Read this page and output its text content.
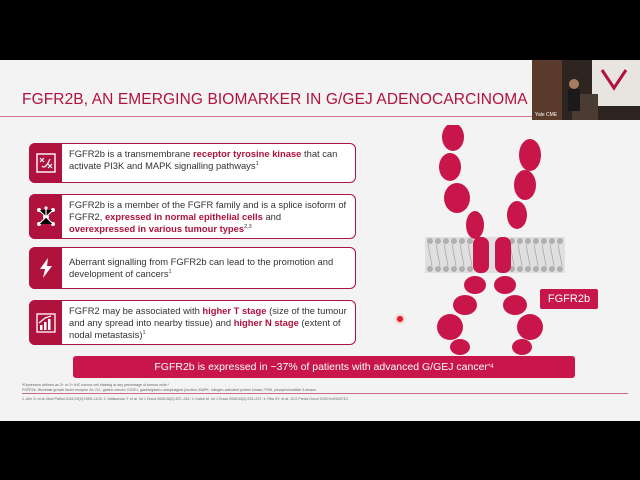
FGFR2B, AN EMERGING BIOMARKER IN G/GEJ ADENOCARCINOMA
FGFR2b is a transmembrane receptor tyrosine kinase that can activate PI3K and MAPK signalling pathways$^1$
FGFR2b is a member of the FGFR family and is a splice isoform of FGFR2, expressed in normal epithelial cells and overexpressed in various tumour types$^{2,3}$
Aberrant signalling from FGFR2b can lead to the promotion and development of cancers$^1$
FGFR2 may be associated with higher T stage (size of the tumour and any spread into nearby tissue) and higher N stage (extent of nodal metastasis)$^1$
FGFR2b
FGFR2b is expressed in ~37% of patients with advanced G/GEJ cancer *4
*Expression defined as 2+ or 3+ IHC tumour cell staining at any percentage of tumour cells.⁴
FGFR2b, fibroblast growth factor receptor 2b; GC, gastric cancer; G/GEJ, gastric/gastro-oesophageal junction; MAPK, mitogen-activated protein kinase; PI3K, phosphoinositide 3-kinase.
1. Ahn S, et al. Mod Pathol 2016;29(9):1095–1103; 2. Matsumoto T, et al. Int J Oncol 2006;28(2):307–314; 3. Katoh M. Int J Oncol 2008;33(2):233–237; 4. Rha SY, et al. JCO Precis Oncol 2025;9:e2400710.
Yale CME
